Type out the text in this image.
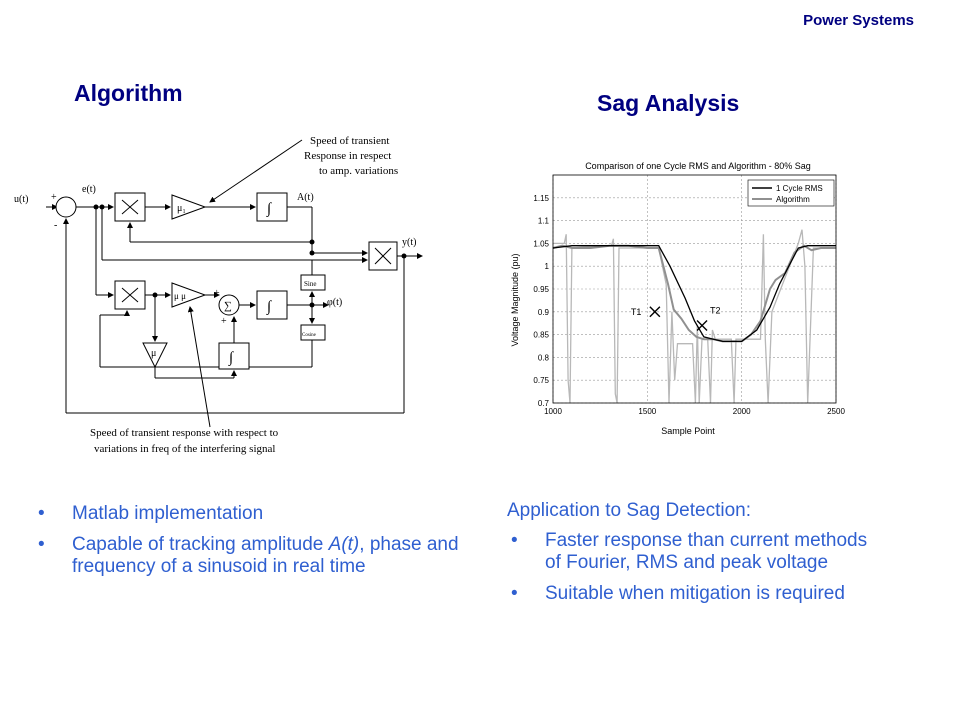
Power Systems
Algorithm	Sag Analysis
u(t)
e(t)
A(t)
y(t)
φ(t)
μ₁
μ μ
μ
Sine
Cosine
+
-
+
+
∑
∫
∫
∫
Speed of transient
Response in respect
to amp. variations
Speed of transient response with respect to
variations in freq of the interfering signal
Comparison of one Cycle RMS and Algorithm - 80% Sag
Sample Point
Voltage Magnitude (pu)
1000	1500	2000	2500
0.7
0.75
0.8
0.85
0.9
0.95
1
1.05
1.1
1.15
T1	T2
1 Cycle RMS
Algorithm
• Matlab implementation
• Capable of tracking amplitude A(t), phase and frequency of a sinusoid in real time
Application to Sag Detection:
• Faster response than current methods of Fourier, RMS and peak voltage
• Suitable when mitigation is required
